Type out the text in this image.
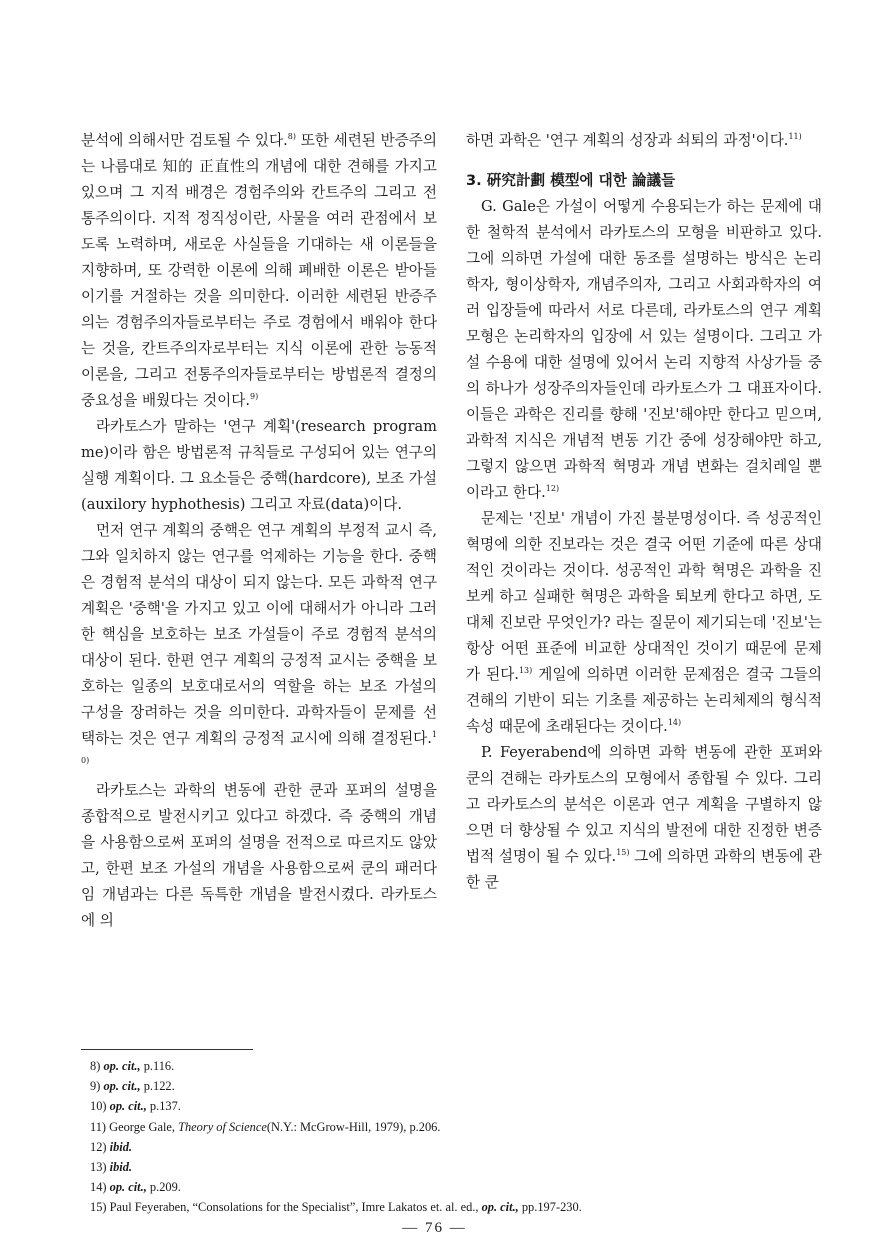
분석에 의해서만 검토될 수 있다.$^{8)}$ 또한 세련된 반증주의는 나름대로 知的 正直性의 개념에 대한 견해를 가지고 있으며 그 지적 배경은 경험주의와 칸트주의 그리고 전통주의이다. 지적 정직성이란, 사물을 여러 관점에서 보도록 노력하며, 새로운 사실들을 기대하는 새 이론들을 지향하며, 또 강력한 이론에 의해 폐배한 이론은 받아들이기를 거절하는 것을 의미한다. 이러한 세련된 반증주의는 경험주의자들로부터는 주로 경험에서 배워야 한다는 것을, 칸트주의자로부터는 지식 이론에 관한 능동적 이론을, 그리고 전통주의자들로부터는 방법론적 결정의 중요성을 배웠다는 것이다.$^{9)}$

라카토스가 말하는 '연구 계획'(research programme)이라 함은 방법론적 규칙들로 구성되어 있는 연구의 실행 계획이다. 그 요소들은 중핵(hardcore), 보조 가설(auxilory hyphothesis) 그리고 자료(data)이다.

먼저 연구 계획의 중핵은 연구 계획의 부정적 교시 즉, 그와 일치하지 않는 연구를 억제하는 기능을 한다. 중핵은 경험적 분석의 대상이 되지 않는다. 모든 과학적 연구 계획은 '중핵'을 가지고 있고 이에 대해서가 아니라 그러한 핵심을 보호하는 보조 가설들이 주로 경험적 분석의 대상이 된다. 한편 연구 계획의 긍정적 교시는 중핵을 보호하는 일종의 보호대로서의 역할을 하는 보조 가설의 구성을 장려하는 것을 의미한다. 과학자들이 문제를 선택하는 것은 연구 계획의 긍정적 교시에 의해 결정된다.$^{10)}$

라카토스는 과학의 변동에 관한 쿤과 포퍼의 설명을 종합적으로 발전시키고 있다고 하겠다. 즉 중핵의 개념을 사용함으로써 포퍼의 설명을 전적으로 따르지도 않았고, 한편 보조 가설의 개념을 사용함으로써 쿤의 패러다임 개념과는 다른 독특한 개념을 발전시켰다. 라카토스에 의

하면 과학은 '연구 계획의 성장과 쇠퇴의 과정'이다.$^{11)}$

3. 硏究計劃 模型에 대한 論議들

G. Gale은 가설이 어떻게 수용되는가 하는 문제에 대한 철학적 분석에서 라카토스의 모형을 비판하고 있다. 그에 의하면 가설에 대한 동조를 설명하는 방식은 논리학자, 형이상학자, 개념주의자, 그리고 사회과학자의 여러 입장들에 따라서 서로 다른데, 라카토스의 연구 계획 모형은 논리학자의 입장에 서 있는 설명이다. 그리고 가설 수용에 대한 설명에 있어서 논리 지향적 사상가들 중의 하나가 성장주의자들인데 라카토스가 그 대표자이다. 이들은 과학은 진리를 향해 '진보'해야만 한다고 믿으며, 과학적 지식은 개념적 변동 기간 중에 성장해야만 하고, 그렇지 않으면 과학적 혁명과 개념 변화는 걸치레일 뿐이라고 한다.$^{12)}$

문제는 '진보' 개념이 가진 불분명성이다. 즉 성공적인 혁명에 의한 진보라는 것은 결국 어떤 기준에 따른 상대적인 것이라는 것이다. 성공적인 과학 혁명은 과학을 진보케 하고 실패한 혁명은 과학을 퇴보케 한다고 하면, 도대체 진보란 무엇인가? 라는 질문이 제기되는데 '진보'는 항상 어떤 표준에 비교한 상대적인 것이기 때문에 문제가 된다.$^{13)}$ 게일에 의하면 이러한 문제점은 결국 그들의 견해의 기반이 되는 기초를 제공하는 논리체제의 형식적 속성 때문에 초래된다는 것이다.$^{14)}$

P. Feyerabend에 의하면 과학 변동에 관한 포퍼와 쿤의 견해는 라카토스의 모형에서 종합될 수 있다. 그리고 라카토스의 분석은 이론과 연구 계획을 구별하지 않으면 더 향상될 수 있고 지식의 발전에 대한 진정한 변증법적 설명이 될 수 있다.$^{15)}$ 그에 의하면 과학의 변동에 관한 쿤

8) op. cit., p.116.
9) op. cit., p.122.
10) op. cit., p.137.
11) George Gale, Theory of Science(N.Y.: McGrow-Hill, 1979), p.206.
12) ibid.
13) ibid.
14) op. cit., p.209.
15) Paul Feyeraben, “Consolations for the Specialist”, Imre Lakatos et. al. ed., op. cit., pp.197-230.
— 76 —
